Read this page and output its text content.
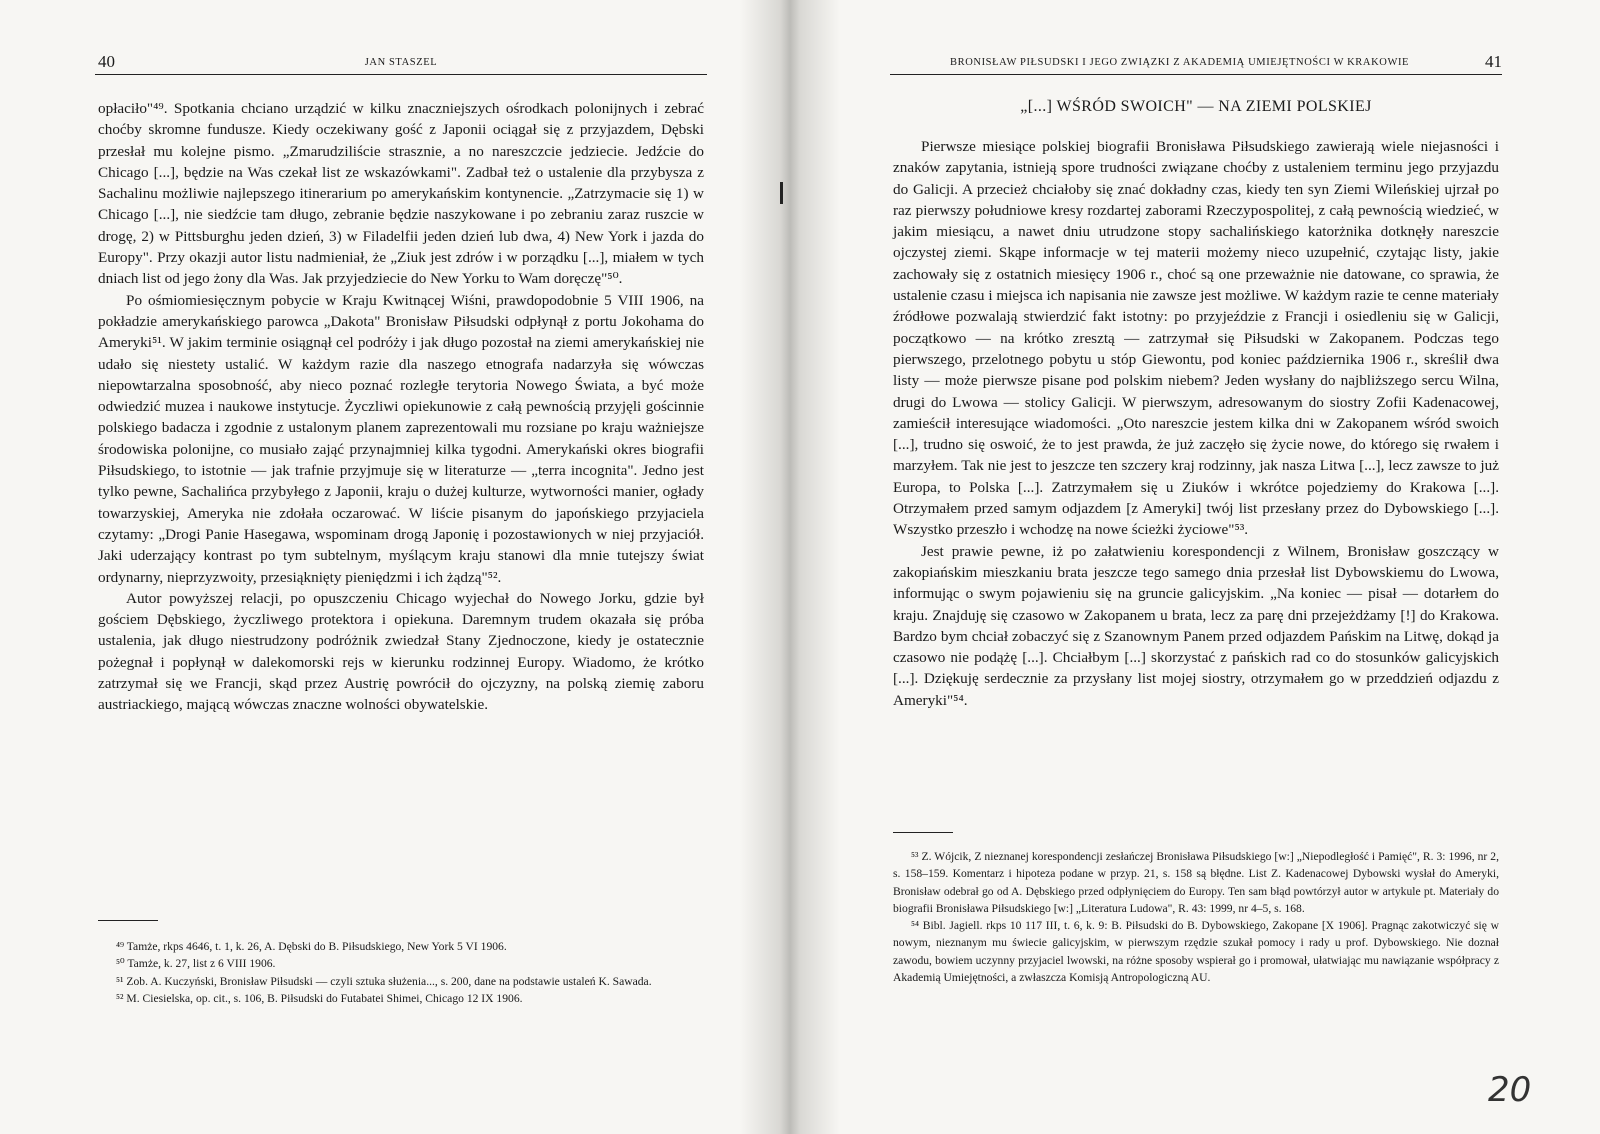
40	JAN STASZEL

opłaciło"⁴⁹. Spotkania chciano urządzić w kilku znaczniejszych ośrodkach polonijnych i zebrać choćby skromne fundusze. Kiedy oczekiwany gość z Japonii ociągał się z przyjazdem, Dębski przesłał mu kolejne pismo. „Zmarudziliście strasznie, a no nareszczcie jedziecie. Jedźcie do Chicago [...], będzie na Was czekał list ze wskazówkami". Zadbał też o ustalenie dla przybysza z Sachalinu możliwie najlepszego itinerarium po amerykańskim kontynencie. „Zatrzymacie się 1) w Chicago [...], nie siedźcie tam długo, zebranie będzie naszykowane i po zebraniu zaraz ruszcie w drogę, 2) w Pittsburghu jeden dzień, 3) w Filadelfii jeden dzień lub dwa, 4) New York i jazda do Europy". Przy okazji autor listu nadmieniał, że „Ziuk jest zdrów i w porządku [...], miałem w tych dniach list od jego żony dla Was. Jak przyjedziecie do New Yorku to Wam doręczę"⁵⁰.

Po ośmiomiesięcznym pobycie w Kraju Kwitnącej Wiśni, prawdopodobnie 5 VIII 1906, na pokładzie amerykańskiego parowca „Dakota" Bronisław Piłsudski odpłynął z portu Jokohama do Ameryki⁵¹. W jakim terminie osiągnął cel podróży i jak długo pozostał na ziemi amerykańskiej nie udało się niestety ustalić. W każdym razie dla naszego etnografa nadarzyła się wówczas niepowtarzalna sposobność, aby nieco poznać rozległe terytoria Nowego Świata, a być może odwiedzić muzea i naukowe instytucje. Życzliwi opiekunowie z całą pewnością przyjęli gościnnie polskiego badacza i zgodnie z ustalonym planem zaprezentowali mu rozsiane po kraju ważniejsze środowiska polonijne, co musiało zająć przynajmniej kilka tygodni. Amerykański okres biografii Piłsudskiego, to istotnie — jak trafnie przyjmuje się w literaturze — „terra incognita". Jedno jest tylko pewne, Sachalińca przybyłego z Japonii, kraju o dużej kulturze, wytworności manier, ogłady towarzyskiej, Ameryka nie zdołała oczarować. W liście pisanym do japońskiego przyjaciela czytamy: „Drogi Panie Hasegawa, wspominam drogą Japonię i pozostawionych w niej przyjaciół. Jaki uderzający kontrast po tym subtelnym, myślącym kraju stanowi dla mnie tutejszy świat ordynarny, nieprzyzwoity, przesiąknięty pieniędzmi i ich żądzą"⁵².

Autor powyższej relacji, po opuszczeniu Chicago wyjechał do Nowego Jorku, gdzie był gościem Dębskiego, życzliwego protektora i opiekuna. Daremnym trudem okazała się próba ustalenia, jak długo niestrudzony podróżnik zwiedzał Stany Zjednoczone, kiedy je ostatecznie pożegnał i popłynął w dalekomorski rejs w kierunku rodzinnej Europy. Wiadomo, że krótko zatrzymał się we Francji, skąd przez Austrię powrócił do ojczyzny, na polską ziemię zaboru austriackiego, mającą wówczas znaczne wolności obywatelskie.

⁴⁹ Tamże, rkps 4646, t. 1, k. 26, A. Dębski do B. Piłsudskiego, New York 5 VI 1906.

⁵⁰ Tamże, k. 27, list z 6 VIII 1906.

⁵¹ Zob. A. Kuczyński, Bronisław Piłsudski — czyli sztuka służenia..., s. 200, dane na podstawie ustaleń K. Sawada.

⁵² M. Ciesielska, op. cit., s. 106, B. Piłsudski do Futabatei Shimei, Chicago 12 IX 1906.

BRONISŁAW PIŁSUDSKI I JEGO ZWIĄZKI Z AKADEMIĄ UMIEJĘTNOŚCI W KRAKOWIE	41
„[...] WŚRÓD SWOICH" — NA ZIEMI POLSKIEJ

Pierwsze miesiące polskiej biografii Bronisława Piłsudskiego zawierają wiele niejasności i znaków zapytania, istnieją spore trudności związane choćby z ustaleniem terminu jego przyjazdu do Galicji. A przecież chciałoby się znać dokładny czas, kiedy ten syn Ziemi Wileńskiej ujrzał po raz pierwszy południowe kresy rozdartej zaborami Rzeczypospolitej, z całą pewnością wiedzieć, w jakim miesiącu, a nawet dniu utrudzone stopy sachalińskiego katorżnika dotknęły nareszcie ojczystej ziemi. Skąpe informacje w tej materii możemy nieco uzupełnić, czytając listy, jakie zachowały się z ostatnich miesięcy 1906 r., choć są one przeważnie nie datowane, co sprawia, że ustalenie czasu i miejsca ich napisania nie zawsze jest możliwe. W każdym razie te cenne materiały źródłowe pozwalają stwierdzić fakt istotny: po przyjeździe z Francji i osiedleniu się w Galicji, początkowo — na krótko zresztą — zatrzymał się Piłsudski w Zakopanem. Podczas tego pierwszego, przelotnego pobytu u stóp Giewontu, pod koniec października 1906 r., skreślił dwa listy — może pierwsze pisane pod polskim niebem? Jeden wysłany do najbliższego sercu Wilna, drugi do Lwowa — stolicy Galicji. W pierwszym, adresowanym do siostry Zofii Kadenacowej, zamieścił interesujące wiadomości. „Oto nareszcie jestem kilka dni w Zakopanem wśród swoich [...], trudno się oswoić, że to jest prawda, że już zaczęło się życie nowe, do którego się rwałem i marzyłem. Tak nie jest to jeszcze ten szczery kraj rodzinny, jak nasza Litwa [...], lecz zawsze to już Europa, to Polska [...]. Zatrzymałem się u Ziuków i wkrótce pojedziemy do Krakowa [...]. Otrzymałem przed samym odjazdem [z Ameryki] twój list przesłany przez do Dybowskiego [...]. Wszystko przeszło i wchodzę na nowe ścieżki życiowe"⁵³.

Jest prawie pewne, iż po załatwieniu korespondencji z Wilnem, Bronisław goszczący w zakopiańskim mieszkaniu brata jeszcze tego samego dnia przesłał list Dybowskiemu do Lwowa, informując o swym pojawieniu się na gruncie galicyjskim. „Na koniec — pisał — dotarłem do kraju. Znajduję się czasowo w Zakopanem u brata, lecz za parę dni przejeżdżamy [!] do Krakowa. Bardzo bym chciał zobaczyć się z Szanownym Panem przed odjazdem Pańskim na Litwę, dokąd ja czasowo nie podążę [...]. Chciałbym [...] skorzystać z pańskich rad co do stosunków galicyjskich [...]. Dziękuję serdecznie za przysłany list mojej siostry, otrzymałem go w przeddzień odjazdu z Ameryki"⁵⁴.

⁵³ Z. Wójcik, Z nieznanej korespondencji zesłańczej Bronisława Piłsudskiego [w:] „Niepodległość i Pamięć", R. 3: 1996, nr 2, s. 158–159. Komentarz i hipoteza podane w przyp. 21, s. 158 są błędne. List Z. Kadenacowej Dybowski wysłał do Ameryki, Bronisław odebrał go od A. Dębskiego przed odpłynięciem do Europy. Ten sam błąd powtórzył autor w artykule pt. Materiały do biografii Bronisława Piłsudskiego [w:] „Literatura Ludowa", R. 43: 1999, nr 4–5, s. 168.

⁵⁴ Bibl. Jagiell. rkps 10 117 III, t. 6, k. 9: B. Piłsudski do B. Dybowskiego, Zakopane [X 1906]. Pragnąc zakotwiczyć się w nowym, nieznanym mu świecie galicyjskim, w pierwszym rzędzie szukał pomocy i rady u prof. Dybowskiego. Nie doznał zawodu, bowiem uczynny przyjaciel lwowski, na różne sposoby wspierał go i promował, ułatwiając mu nawiązanie współpracy z Akademią Umiejętności, a zwłaszcza Komisją Antropologiczną AU.

20
